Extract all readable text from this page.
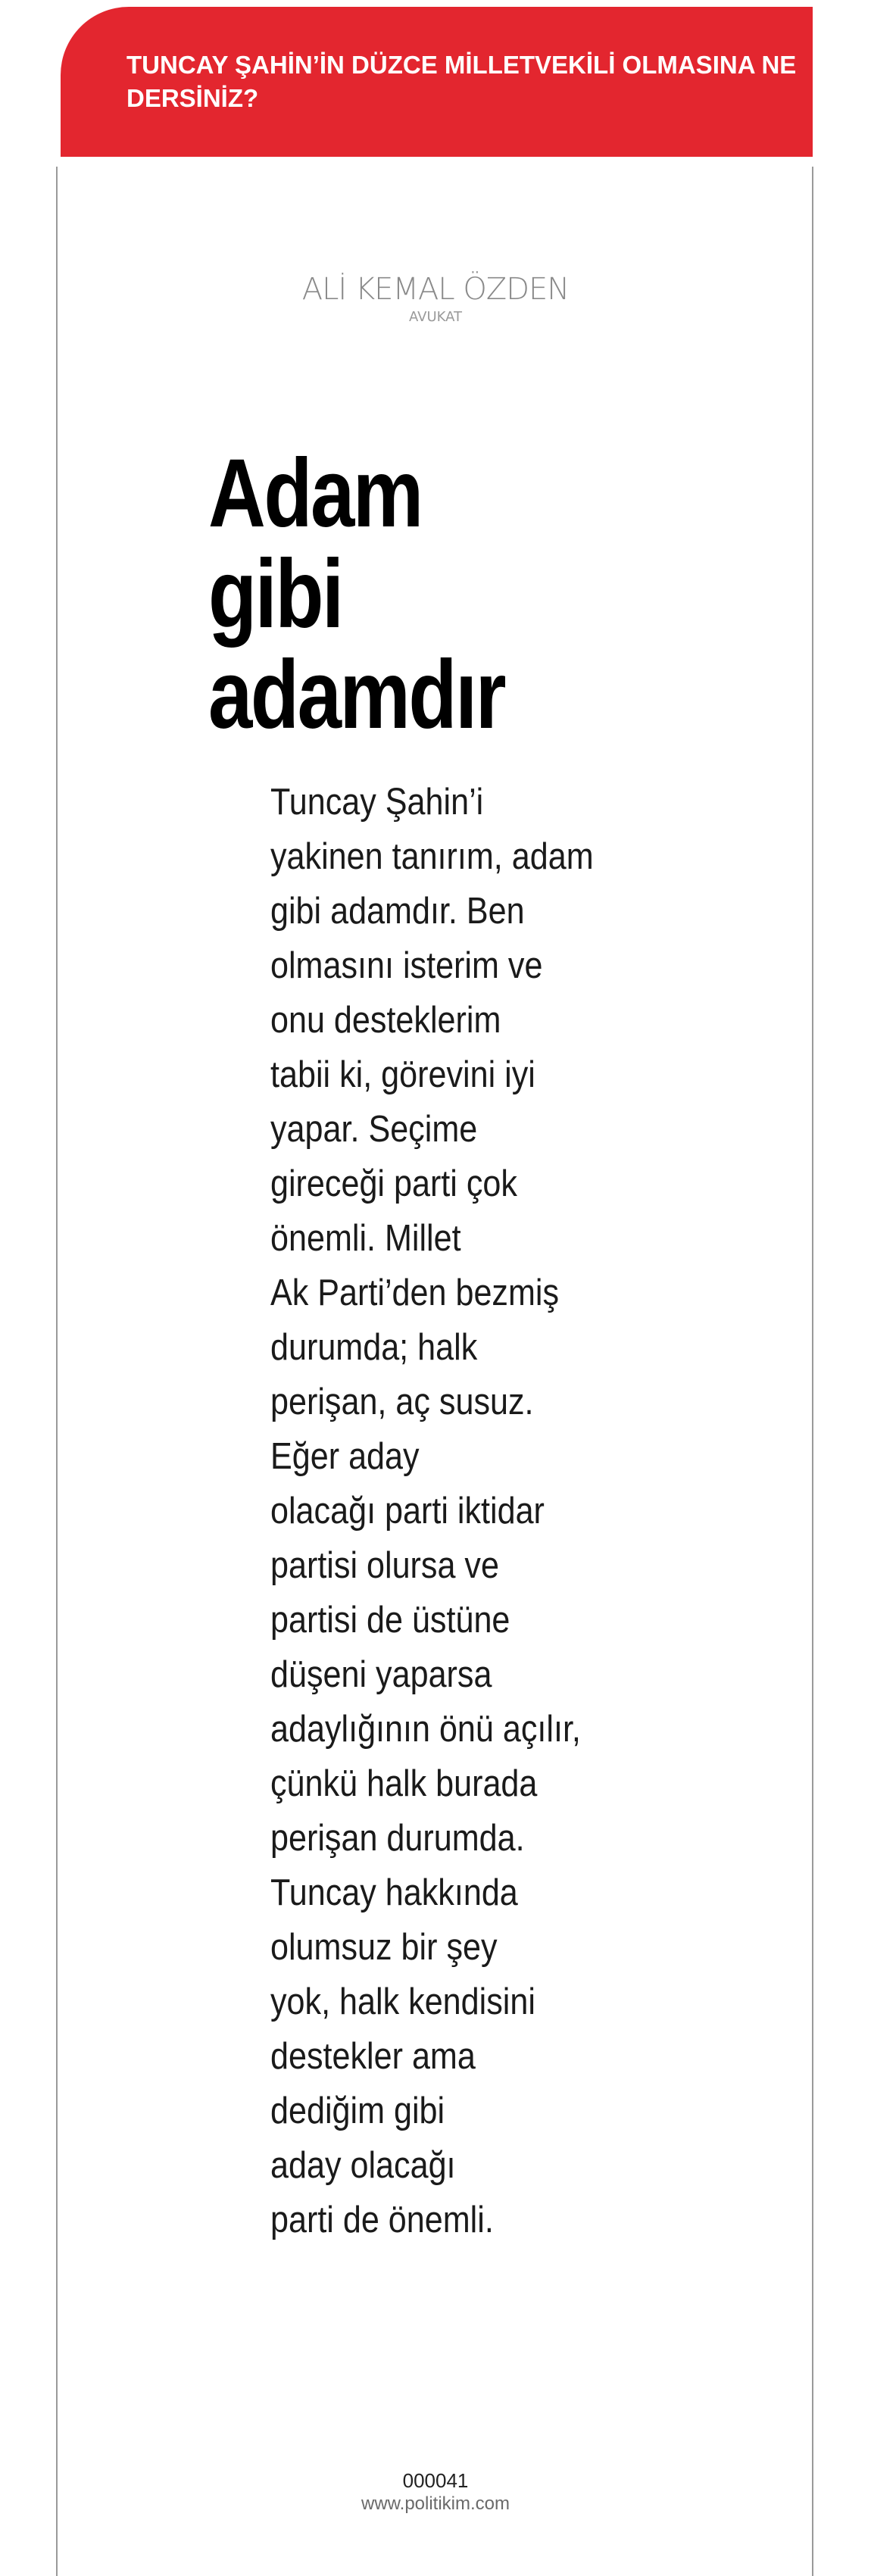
TUNCAY ŞAHİN’İN DÜZCE MİLLETVEKİLİ OLMASINA NE DERSİNİZ?
ALİ KEMAL ÖZDEN
AVUKAT
Adam
gibi
adamdır
Tuncay Şahin’i
yakinen tanırım, adam
gibi adamdır. Ben
olmasını isterim ve
onu desteklerim
tabii ki, görevini iyi
yapar. Seçime
gireceği parti çok
önemli. Millet
Ak Parti’den bezmiş
durumda; halk
perişan, aç susuz.
Eğer aday
olacağı parti iktidar
partisi olursa ve
partisi de üstüne
düşeni yaparsa
adaylığının önü açılır,
çünkü halk burada
perişan durumda.
Tuncay hakkında
olumsuz bir şey
yok, halk kendisini
destekler ama
dediğim gibi
aday olacağı
parti de önemli.
000041
www.politikim.com
